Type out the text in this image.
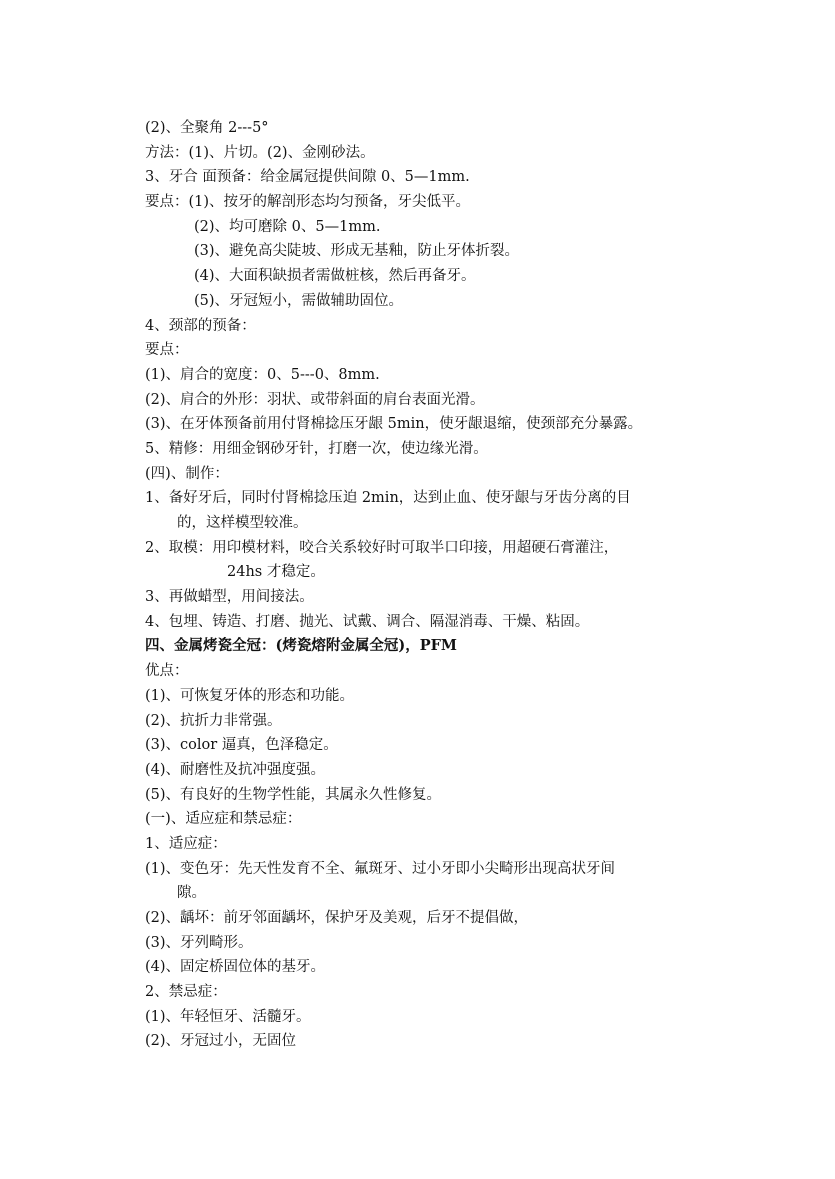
(2)、全聚角 2---5°
方法：(1)、片切。(2)、金刚砂法。
3、牙合 面预备：给金属冠提供间隙 0、5—1mm.
要点：(1)、按牙的解剖形态均匀预备，牙尖低平。
(2)、均可磨除 0、5—1mm.
(3)、避免高尖陡坡、形成无基釉，防止牙体折裂。
(4)、大面积缺损者需做桩核，然后再备牙。
(5)、牙冠短小，需做辅助固位。
4、颈部的预备：
要点：
(1)、肩合的宽度：0、5---0、8mm.
(2)、肩合的外形：羽状、或带斜面的肩台表面光滑。
(3)、在牙体预备前用付肾棉捻压牙龈 5min，使牙龈退缩，使颈部充分暴露。
5、精修：用细金钢砂牙针，打磨一次，使边缘光滑。
(四)、制作：
1、备好牙后，同时付肾棉捻压迫 2min，达到止血、使牙龈与牙齿分离的目
的，这样模型较准。
2、取模：用印模材料，咬合关系较好时可取半口印接，用超硬石膏灌注，
24hs 才稳定。
3、再做蜡型，用间接法。
4、包埋、铸造、打磨、抛光、试戴、调合、隔湿消毒、干燥、粘固。
四、金属烤瓷全冠：(烤瓷熔附金属全冠)，PFM
优点：
(1)、可恢复牙体的形态和功能。
(2)、抗折力非常强。
(3)、color 逼真，色泽稳定。
(4)、耐磨性及抗冲强度强。
(5)、有良好的生物学性能，其属永久性修复。
(一)、适应症和禁忌症：
1、适应症：
(1)、变色牙：先天性发育不全、氟斑牙、过小牙即小尖畸形出现高状牙间
隙。
(2)、龋坏：前牙邻面龋坏，保护牙及美观，后牙不提倡做，
(3)、牙列畸形。
(4)、固定桥固位体的基牙。
2、禁忌症：
(1)、年轻恒牙、活髓牙。
(2)、牙冠过小，无固位
